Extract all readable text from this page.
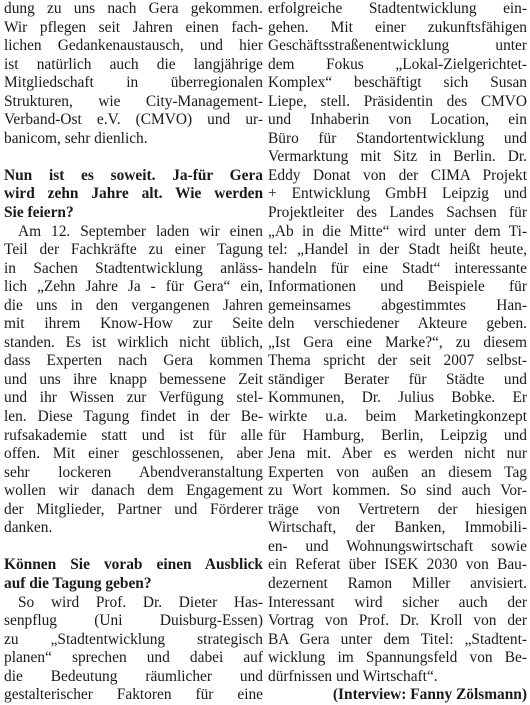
dung zu uns nach Gera gekommen.
Wir pflegen seit Jahren einen fach-
lichen Gedankenaustausch, und hier
ist natürlich auch die langjährige
Mitgliedschaft in überregionalen
Strukturen, wie City-Management-
Verband-Ost e.V. (CMVO) und ur-
banicom, sehr dienlich.
Nun ist es soweit. Ja-für Gera
wird zehn Jahre alt. Wie werden
Sie feiern?
Am 12. September laden wir einen
Teil der Fachkräfte zu einer Tagung
in Sachen Stadtentwicklung anläss-
lich „Zehn Jahre Ja - für Gera“ ein,
die uns in den vergangenen Jahren
mit ihrem Know-How zur Seite
standen. Es ist wirklich nicht üblich,
dass Experten nach Gera kommen
und uns ihre knapp bemessene Zeit
und ihr Wissen zur Verfügung stel-
len. Diese Tagung findet in der Be-
rufsakademie statt und ist für alle
offen. Mit einer geschlossenen, aber
sehr lockeren Abendveranstaltung
wollen wir danach dem Engagement
der Mitglieder, Partner und Förderer
danken.
Können Sie vorab einen Ausblick
auf die Tagung geben?
So wird Prof. Dr. Dieter Has-
senpflug (Uni Duisburg-Essen)
zu „Stadtentwicklung strategisch
planen“ sprechen und dabei auf
die Bedeutung räumlicher und
gestalterischer Faktoren für eine
erfolgreiche Stadtentwicklung ein-
gehen. Mit einer zukunftsfähigen
Geschäftsstraßenentwicklung unter
dem Fokus „Lokal-Zielgerichtet-
Komplex“ beschäftigt sich Susan
Liepe, stell. Präsidentin des CMVO
und Inhaberin von Location, ein
Büro für Standortentwicklung und
Vermarktung mit Sitz in Berlin. Dr.
Eddy Donat von der CIMA Projekt
+ Entwicklung GmbH Leipzig und
Projektleiter des Landes Sachsen für
„Ab in die Mitte“ wird unter dem Ti-
tel: „Handel in der Stadt heißt heute,
handeln für eine Stadt“ interessante
Informationen und Beispiele für
gemeinsames abgestimmtes Han-
deln verschiedener Akteure geben.
„Ist Gera eine Marke?“, zu diesem
Thema spricht der seit 2007 selbst-
ständiger Berater für Städte und
Kommunen, Dr. Julius Bobke. Er
wirkte u.a. beim Marketingkonzept
für Hamburg, Berlin, Leipzig und
Jena mit. Aber es werden nicht nur
Experten von außen an diesem Tag
zu Wort kommen. So sind auch Vor-
träge von Vertretern der hiesigen
Wirtschaft, der Banken, Immobili-
en- und Wohnungswirtschaft sowie
ein Referat über ISEK 2030 von Bau-
dezernent Ramon Miller anvisiert.
Interessant wird sicher auch der
Vortrag von Prof. Dr. Kroll von der
BA Gera unter dem Titel: „Stadtent-
wicklung im Spannungsfeld von Be-
dürfnissen und Wirtschaft“.
(Interview: Fanny Zölsmann)
